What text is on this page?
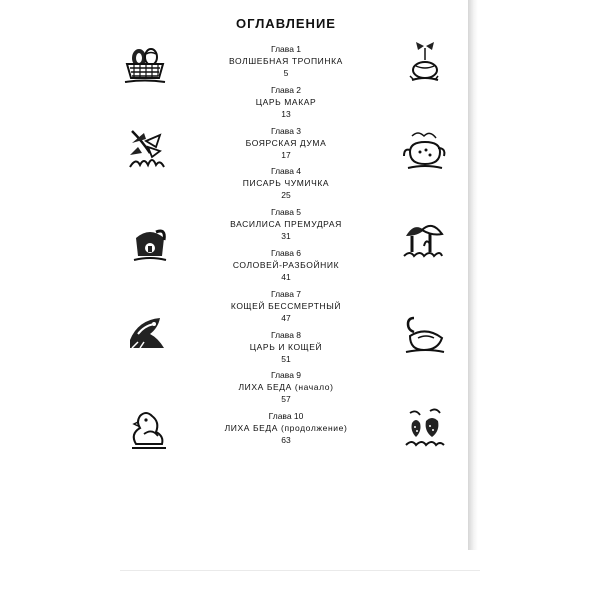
ОГЛАВЛЕНИЕ
Глава 1
ВОЛШЕБНАЯ ТРОПИНКА
5
Глава 2
ЦАРЬ МАКАР
13
Глава 3
БОЯРСКАЯ ДУМА
17
Глава 4
ПИСАРЬ ЧУМИЧКА
25
Глава 5
ВАСИЛИСА ПРЕМУДРАЯ
31
Глава 6
СОЛОВЕЙ-РАЗБОЙНИК
41
Глава 7
КОЩЕЙ БЕССМЕРТНЫЙ
47
Глава 8
ЦАРЬ И КОЩЕЙ
51
Глава 9
ЛИХА БЕДА (начало)
57
Глава 10
ЛИХА БЕДА (продолжение)
63
